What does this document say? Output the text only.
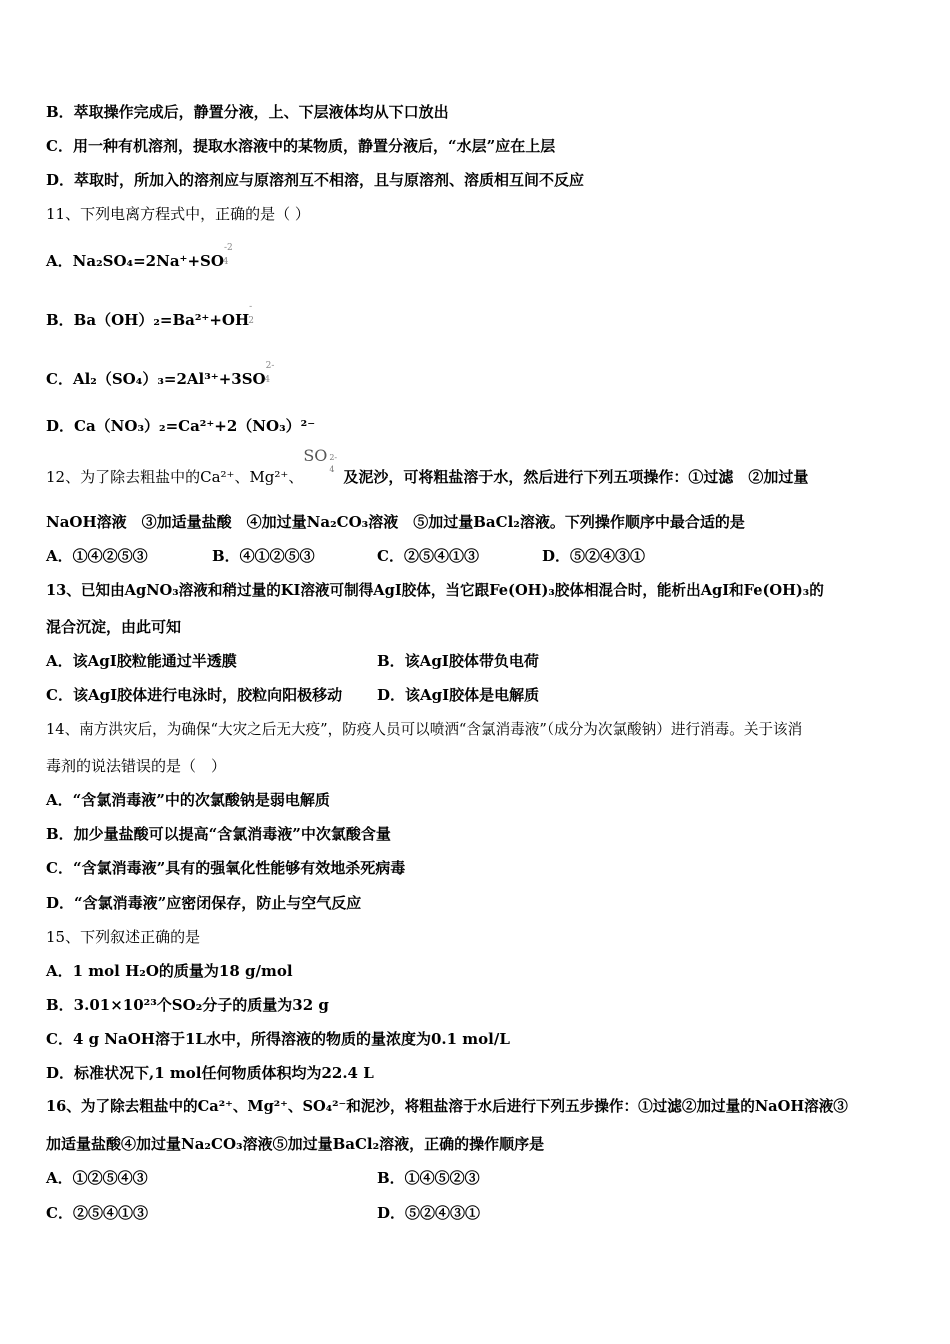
B．萃取操作完成后，静置分液，上、下层液体均从下口放出
C．用一种有机溶剂，提取水溶液中的某物质，静置分液后，“水层”应在上层
D．萃取时，所加入的溶剂应与原溶剂互不相溶，且与原溶剂、溶质相互间不反应
11、下列电离方程式中，正确的是（ ）
A．$Na_2SO_4=2Na^++SO^{-2}4$
B．Ba（OH）₂=Ba²⁺+OH-2
C．$Al_2(SO_4)_3=2Al^{3+}+3SO^{2-}4$
D．Ca（NO₃）₂=Ca²⁺+2（NO₃）²⁻
12、为了除去粗盐中的Ca²⁺、Mg²⁺、
SO 2-
4 及泥沙，可将粗盐溶于水，然后进行下列五项操作：①过滤　②加过量
NaOH溶液　③加适量盐酸　④加过量Na₂CO₃溶液　⑤加过量BaCl₂溶液。下列操作顺序中最合适的是
A．①④②⑤③	B．④①②⑤③	C．②⑤④①③	D．⑤②④③①
13、已知由AgNO₃溶液和稍过量的KI溶液可制得AgI胶体，当它跟Fe(OH)₃胶体相混合时，能析出AgI和Fe(OH)₃的
混合沉淀，由此可知
A．该AgI胶粒能通过半透膜	B．该AgI胶体带负电荷
C．该AgI胶体进行电泳时，胶粒向阳极移动 D．该AgI胶体是电解质
14、南方洪灾后，为确保“大灾之后无大疫”，防疫人员可以喷洒“含氯消毒液”（成分为次氯酸钠）进行消毒。关于该消
毒剂的说法错误的是（　）
A．“含氯消毒液”中的次氯酸钠是弱电解质
B．加少量盐酸可以提高“含氯消毒液”中次氯酸含量
C．“含氯消毒液”具有的强氧化性能够有效地杀死病毒
D．“含氯消毒液”应密闭保存，防止与空气反应
15、下列叙述正确的是
A．1 mol H₂O的质量为18 g/mol
B．3.01×10²³个SO₂分子的质量为32 g
C．4 g NaOH溶于1L水中，所得溶液的物质的量浓度为0.1 mol/L
D．标准状况下,1 mol任何物质体积均为22.4 L
16、为了除去粗盐中的Ca²⁺、Mg²⁺、SO₄²⁻和泥沙，将粗盐溶于水后进行下列五步操作：①过滤②加过量的NaOH溶液③
加适量盐酸④加过量Na₂CO₃溶液⑤加过量BaCl₂溶液，正确的操作顺序是
A．①②⑤④③	B．①④⑤②③
C．②⑤④①③	D．⑤②④③①
